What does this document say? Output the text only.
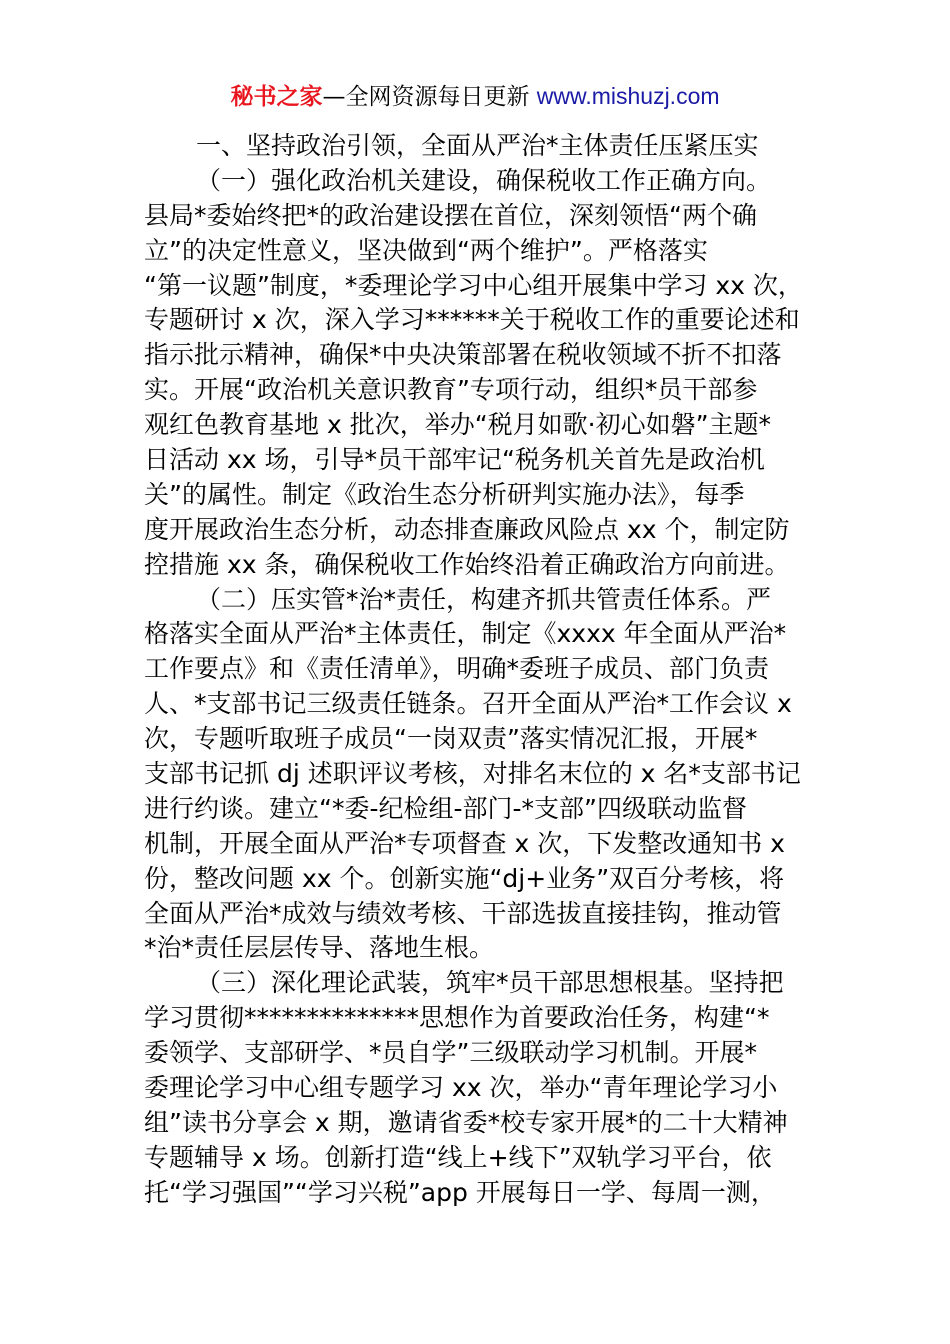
秘书之家—全网资源每日更新 www.mishuzj.com
一、坚持政治引领，全面从严治*主体责任压紧压实
（一）强化政治机关建设，确保税收工作正确方向。
县局*委始终把*的政治建设摆在首位，深刻领悟“两个确
立”的决定性意义，坚决做到“两个维护”。严格落实
“第一议题”制度，*委理论学习中心组开展集中学习 xx 次，
专题研讨 x 次，深入学习******关于税收工作的重要论述和
指示批示精神，确保*中央决策部署在税收领域不折不扣落
实。开展“政治机关意识教育”专项行动，组织*员干部参
观红色教育基地 x 批次，举办“税月如歌·初心如磐”主题*
日活动 xx 场，引导*员干部牢记“税务机关首先是政治机
关”的属性。制定《政治生态分析研判实施办法》，每季
度开展政治生态分析，动态排查廉政风险点 xx 个，制定防
控措施 xx 条，确保税收工作始终沿着正确政治方向前进。
（二）压实管*治*责任，构建齐抓共管责任体系。严
格落实全面从严治*主体责任，制定《xxxx 年全面从严治*
工作要点》和《责任清单》，明确*委班子成员、部门负责
人、*支部书记三级责任链条。召开全面从严治*工作会议 x
次，专题听取班子成员“一岗双责”落实情况汇报，开展*
支部书记抓 dj 述职评议考核，对排名末位的 x 名*支部书记
进行约谈。建立“*委-纪检组-部门-*支部”四级联动监督
机制，开展全面从严治*专项督查 x 次，下发整改通知书 x
份，整改问题 xx 个。创新实施“dj+业务”双百分考核，将
全面从严治*成效与绩效考核、干部选拔直接挂钩，推动管
*治*责任层层传导、落地生根。
（三）深化理论武装，筑牢*员干部思想根基。坚持把
学习贯彻**************思想作为首要政治任务，构建“*
委领学、支部研学、*员自学”三级联动学习机制。开展*
委理论学习中心组专题学习 xx 次，举办“青年理论学习小
组”读书分享会 x 期，邀请省委*校专家开展*的二十大精神
专题辅导 x 场。创新打造“线上+线下”双轨学习平台，依
托“学习强国”“学习兴税”app 开展每日一学、每周一测，
